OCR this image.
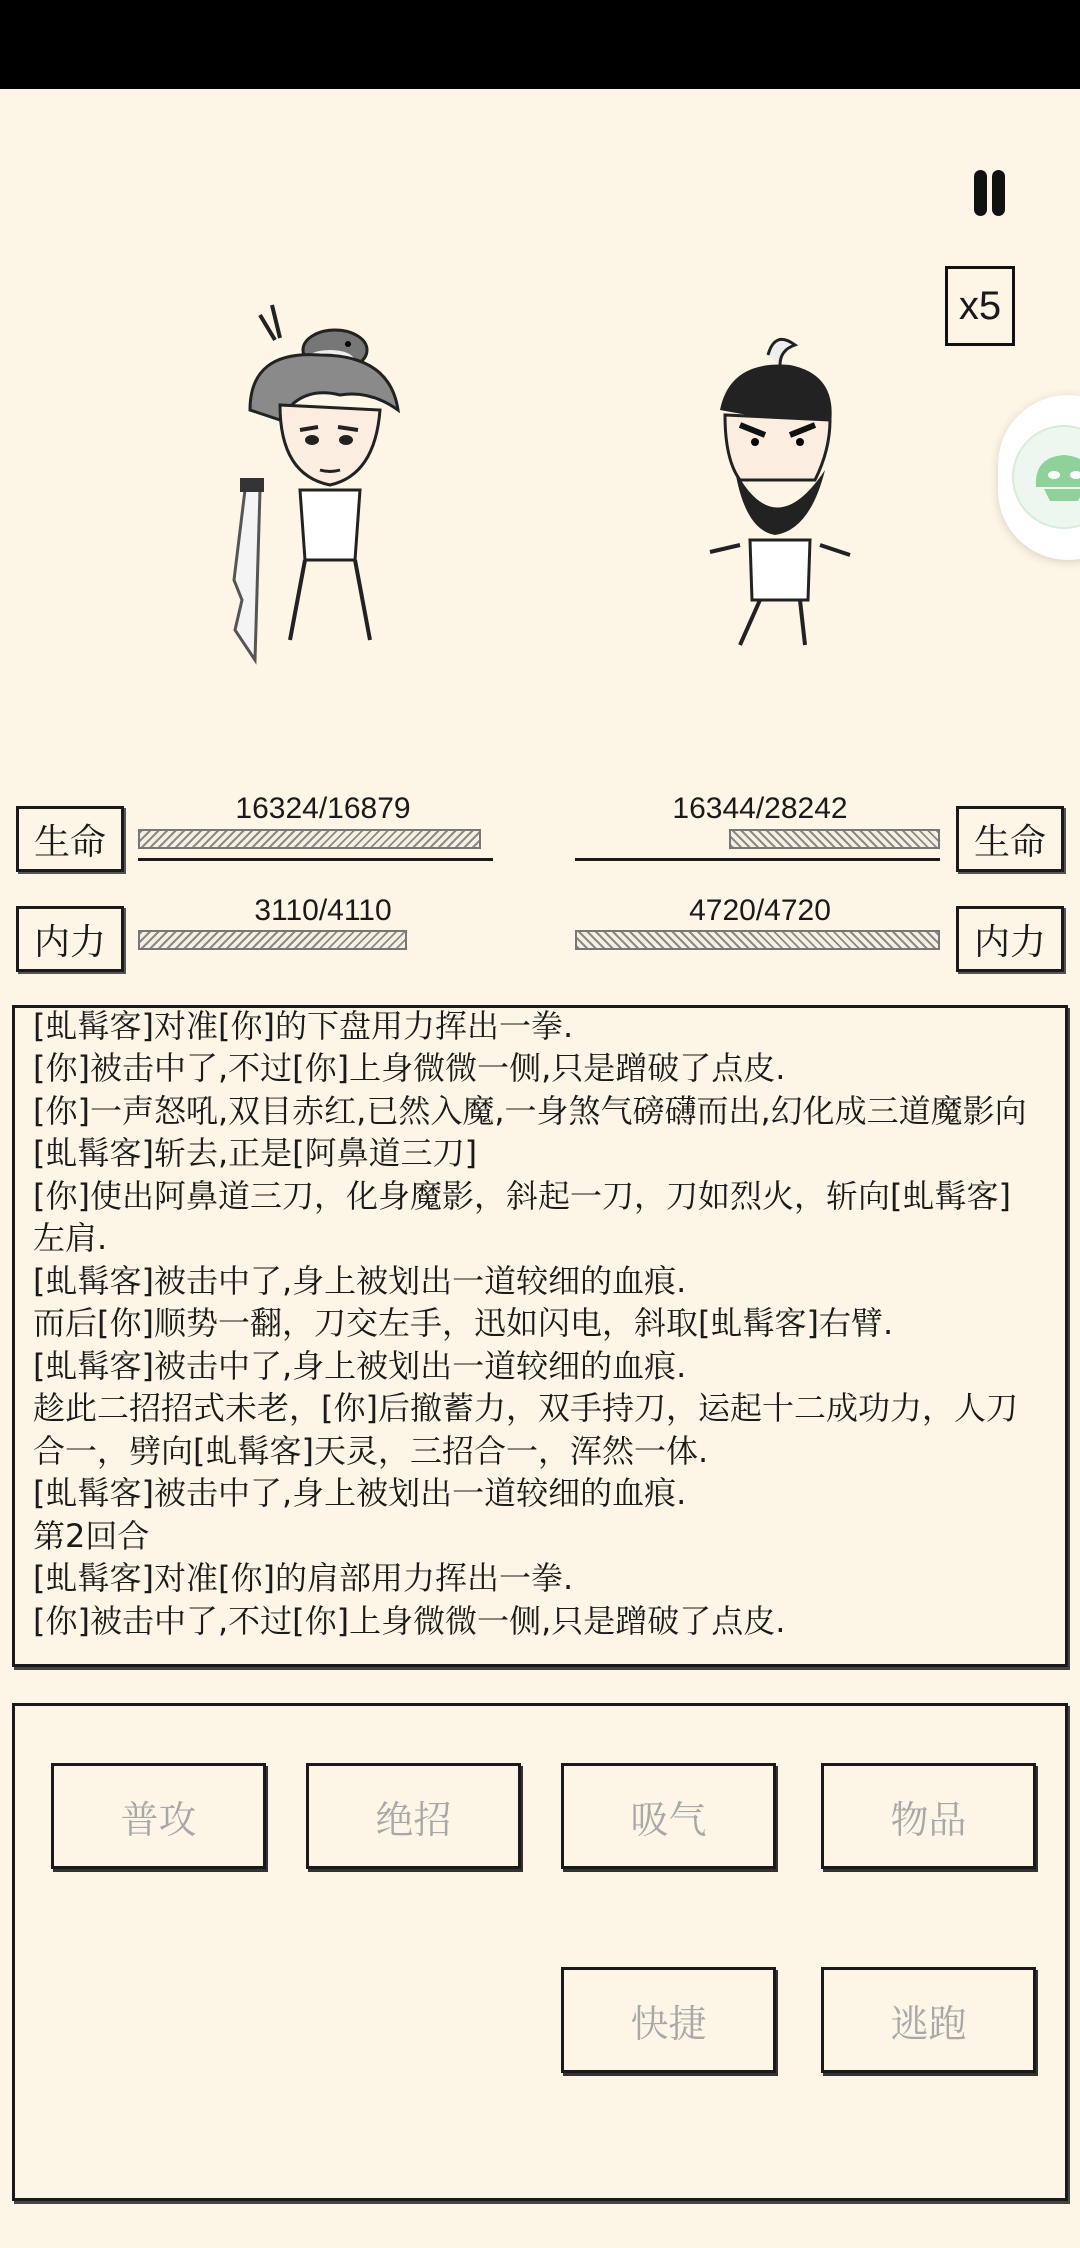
x5
生命
16324/16879
内力
3110/4110
生命
16344/28242
内力
4720/4720
[虬髯客]对准[你]的下盘用力挥出一拳.
[你]被击中了,不过[你]上身微微一侧,只是蹭破了点皮.
[你]一声怒吼,双目赤红,已然入魔,一身煞气磅礴而出,幻化成三道魔影向
[虬髯客]斩去,正是[阿鼻道三刀]
[你]使出阿鼻道三刀，化身魔影，斜起一刀，刀如烈火，斩向[虬髯客]
左肩.
[虬髯客]被击中了,身上被划出一道较细的血痕.
而后[你]顺势一翻，刀交左手，迅如闪电，斜取[虬髯客]右臂.
[虬髯客]被击中了,身上被划出一道较细的血痕.
趁此二招招式未老，[你]后撤蓄力，双手持刀，运起十二成功力，人刀
合一，劈向[虬髯客]天灵，三招合一，浑然一体.
[虬髯客]被击中了,身上被划出一道较细的血痕.
第2回合
[虬髯客]对准[你]的肩部用力挥出一拳.
[你]被击中了,不过[你]上身微微一侧,只是蹭破了点皮.
普攻	绝招	吸气	物品
快捷	逃跑
